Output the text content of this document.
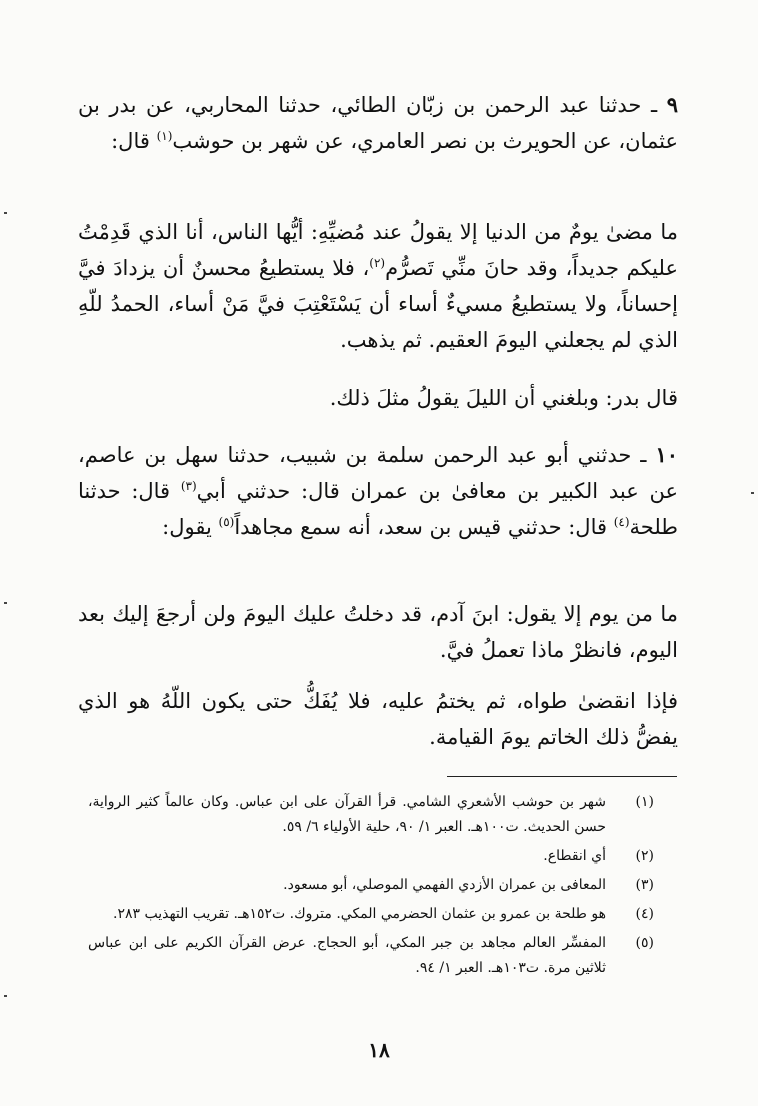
٩ ـ حدثنا عبد الرحمن بن زبّان الطائي، حدثنا المحاربي، عن بدر بن عثمان، عن الحويرث بن نصر العامري، عن شهر بن حوشب$^{(١)}$ قال:
ما مضىٰ يومٌ من الدنيا إلا يقولُ عند مُضيِّهِ: أيُّها الناس، أنا الذي قَدِمْتُ عليكم جديداً، وقد حانَ منِّي تَصرُّم$^{(٢)}$، فلا يستطيعُ محسنٌ أن يزدادَ فيَّ إحساناً، ولا يستطيعُ مسيءٌ أساء أن يَسْتَعْتِبَ فيَّ مَنْ أساء، الحمدُ للّهِ الذي لم يجعلني اليومَ العقيم. ثم يذهب.
قال بدر: وبلغني أن الليلَ يقولُ مثلَ ذلك.
١٠ ـ حدثني أبو عبد الرحمن سلمة بن شبيب، حدثنا سهل بن عاصم، عن عبد الكبير بن معافىٰ بن عمران قال: حدثني أبي$^{(٣)}$ قال: حدثنا طلحة$^{(٤)}$ قال: حدثني قيس بن سعد، أنه سمع مجاهداً$^{(٥)}$ يقول:
ما من يوم إلا يقول: ابنَ آدم، قد دخلتُ عليك اليومَ ولن أرجعَ إليك بعد اليوم، فانظرْ ماذا تعملُ فيَّ.
فإذا انقضىٰ طواه، ثم يختمُ عليه، فلا يُفَكُّ حتى يكون اللّهُ هو الذي يفضُّ ذلك الخاتم يومَ القيامة.
(١)
شهر بن حوشب الأشعري الشامي. قرأ القرآن على ابن عباس. وكان عالماً كثير الرواية، حسن الحديث. ت١٠٠هـ. العبر ١/ ٩٠، حلية الأولياء ٦/ ٥٩.
(٢)
أي انقطاع.
(٣)
المعافى بن عمران الأزدي الفهمي الموصلي، أبو مسعود.
(٤)
هو طلحة بن عمرو بن عثمان الحضرمي المكي. متروك. ت١٥٢هـ. تقريب التهذيب ٢٨٣.
(٥)
المفسِّر العالم مجاهد بن جبر المكي، أبو الحجاج. عرض القرآن الكريم على ابن عباس ثلاثين مرة. ت١٠٣هـ. العبر ١/ ٩٤.
١٨
